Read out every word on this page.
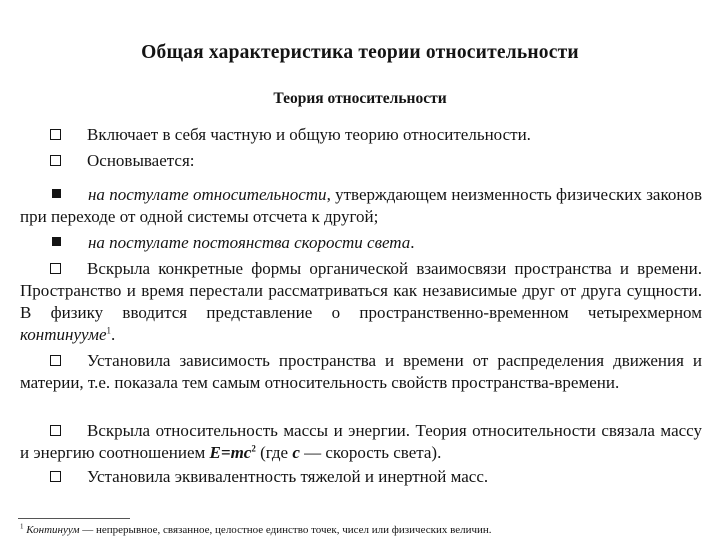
Общая характеристика теории относительности
Теория относительности
Включает в себя частную и общую теорию относительности.
Основывается:
на постулате относительности, утверждающем неизменность физических законов при переходе от одной системы отсчета к другой;
на постулате постоянства скорости света.
Вскрыла конкретные формы органической взаимосвязи пространства и времени. Пространство и время перестали рассматриваться как независимые друг от друга сущности. В физику вводится представление о пространственно-временном четырехмерном континууме$^1$.
Установила зависимость пространства и времени от распределения движения и материи, т.е. показала тем самым относительность свойств пространства-времени.
Вскрыла относительность массы и энергии. Теория относительности связала массу и энергию соотношением $E=mc^2$ (где с — скорость света).
Установила эквивалентность тяжелой и инертной масс.
$^1$ Континуум — непрерывное, связанное, целостное единство точек, чисел или физических величин.
